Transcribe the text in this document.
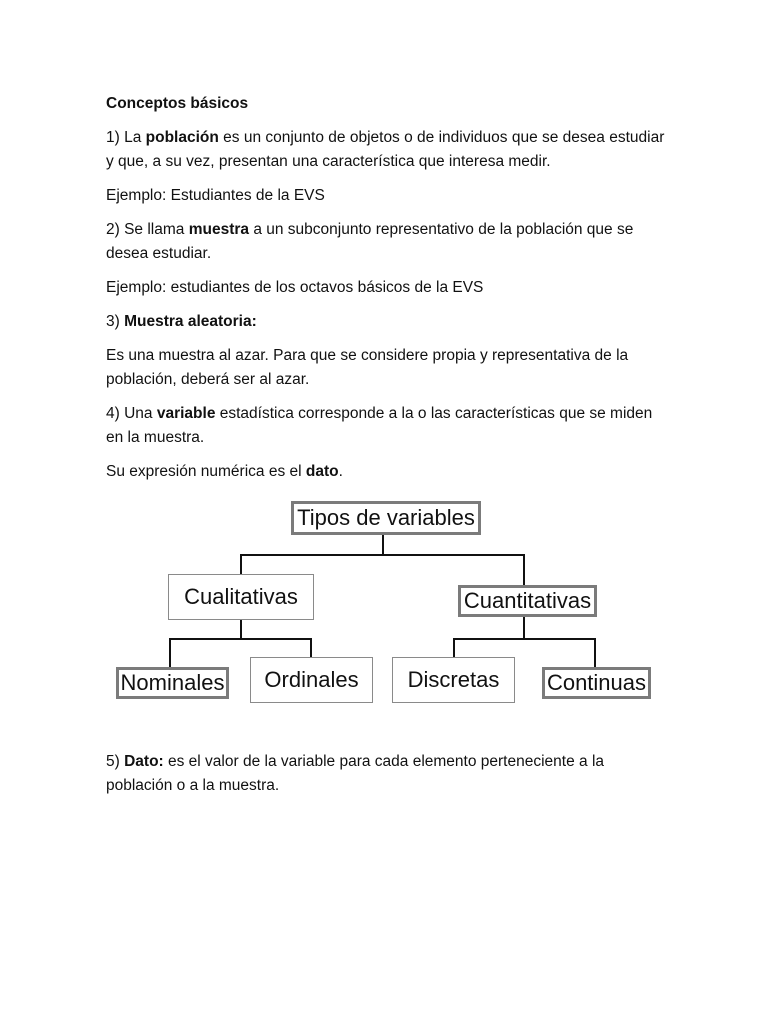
Conceptos básicos

1) La población es un conjunto de objetos o de individuos que se desea estudiar y que, a su vez, presentan una característica que interesa medir.

Ejemplo: Estudiantes de la EVS

2) Se llama muestra a un subconjunto representativo de la población que se desea estudiar.

Ejemplo: estudiantes de los octavos básicos de la EVS

3) Muestra aleatoria:

Es una muestra al azar. Para que se considere propia y representativa de la población, deberá ser al azar.

4) Una variable estadística corresponde a la o las características que se miden en la muestra.

Su expresión numérica es el dato.

Tipos de variables
Cualitativas	Cuantitativas
Nominales	Ordinales	Discretas	Continuas

5) Dato: es el valor de la variable para cada elemento perteneciente a la población o a la muestra.
